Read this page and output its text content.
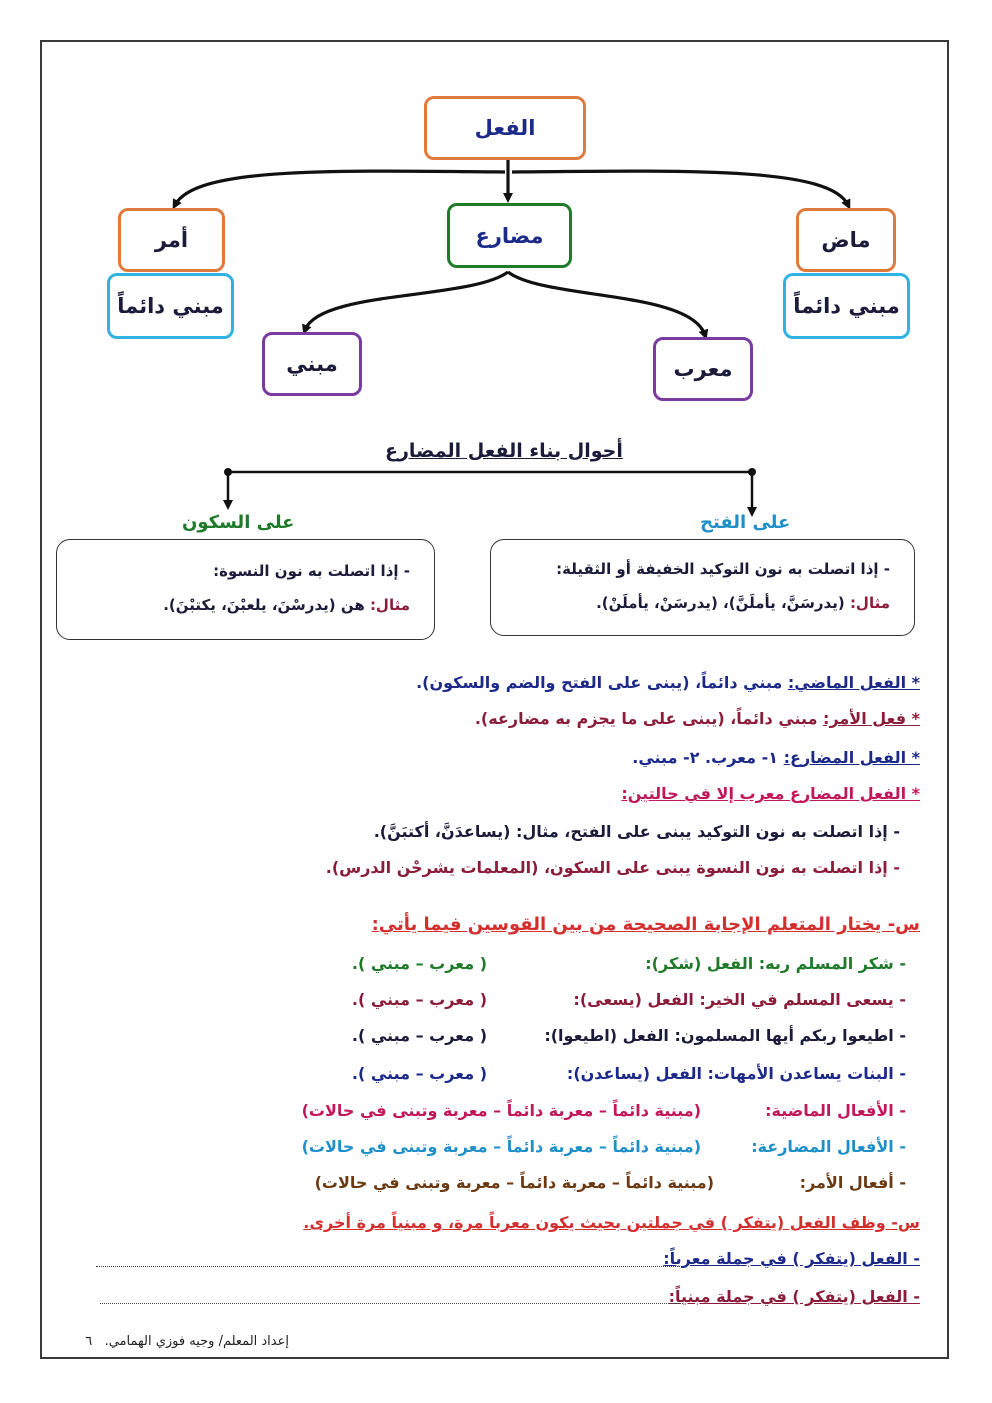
الفعل
مضارع
أمر	ماض
مبني دائماً	مبني دائماً
مبني	معرب
أحوال بناء الفعل المضارع
على السكون	على الفتح
- إذا اتصلت به نون النسوة:
مثال: هن (يدرسْنَ، يلعبْنَ، يكتبْنَ).
- إذا اتصلت به نون التوكيد الخفيفة أو الثقيلة:
مثال: (يدرسَنَّ، يأملَنَّ)، (يدرسَنْ، يأملَنْ).
* الفعل الماضي: مبني دائماً، (يبنى على الفتح والضم والسكون).
* فعل الأمر: مبني دائماً، (يبنى على ما يجزم به مضارعه).
* الفعل المضارع: ١- معرب. ٢- مبني.
* الفعل المضارع معرب إلا في حالتين:
- إذا اتصلت به نون التوكيد يبنى على الفتح، مثال: (يساعدَنَّ، أكتبَنَّ).
- إذا اتصلت به نون النسوة يبنى على السكون، (المعلمات يشرحْن الدرس).
س- يختار المتعلم الإجابة الصحيحة من بين القوسين فيما يأتي:
- شكر المسلم ربه: الفعل (شكر):
( معرب – مبني ).
- يسعى المسلم في الخير: الفعل (يسعى):
( معرب – مبني ).
- اطيعوا ربكم أيها المسلمون: الفعل (اطيعوا):
( معرب – مبني ).
- البنات يساعدن الأمهات: الفعل (يساعدن):
( معرب – مبني ).
- الأفعال الماضية:
(مبنية دائماً – معربة دائماً – معربة وتبنى في حالات)
- الأفعال المضارعة:
(مبنية دائماً – معربة دائماً – معربة وتبنى في حالات)
- أفعال الأمر:
(مبنية دائماً – معربة دائماً – معربة وتبنى في حالات)
س- وظف الفعل (يتفكر ) في جملتين بحيث يكون معرباً مرة، و مبنياً مرة أخرى.
- الفعل (يتفكر ) في جملة معرباً:
- الفعل (يتفكر ) في جملة مبنياً:
إعداد المعلم/ وجيه فوزي الهمامي.   ٦
